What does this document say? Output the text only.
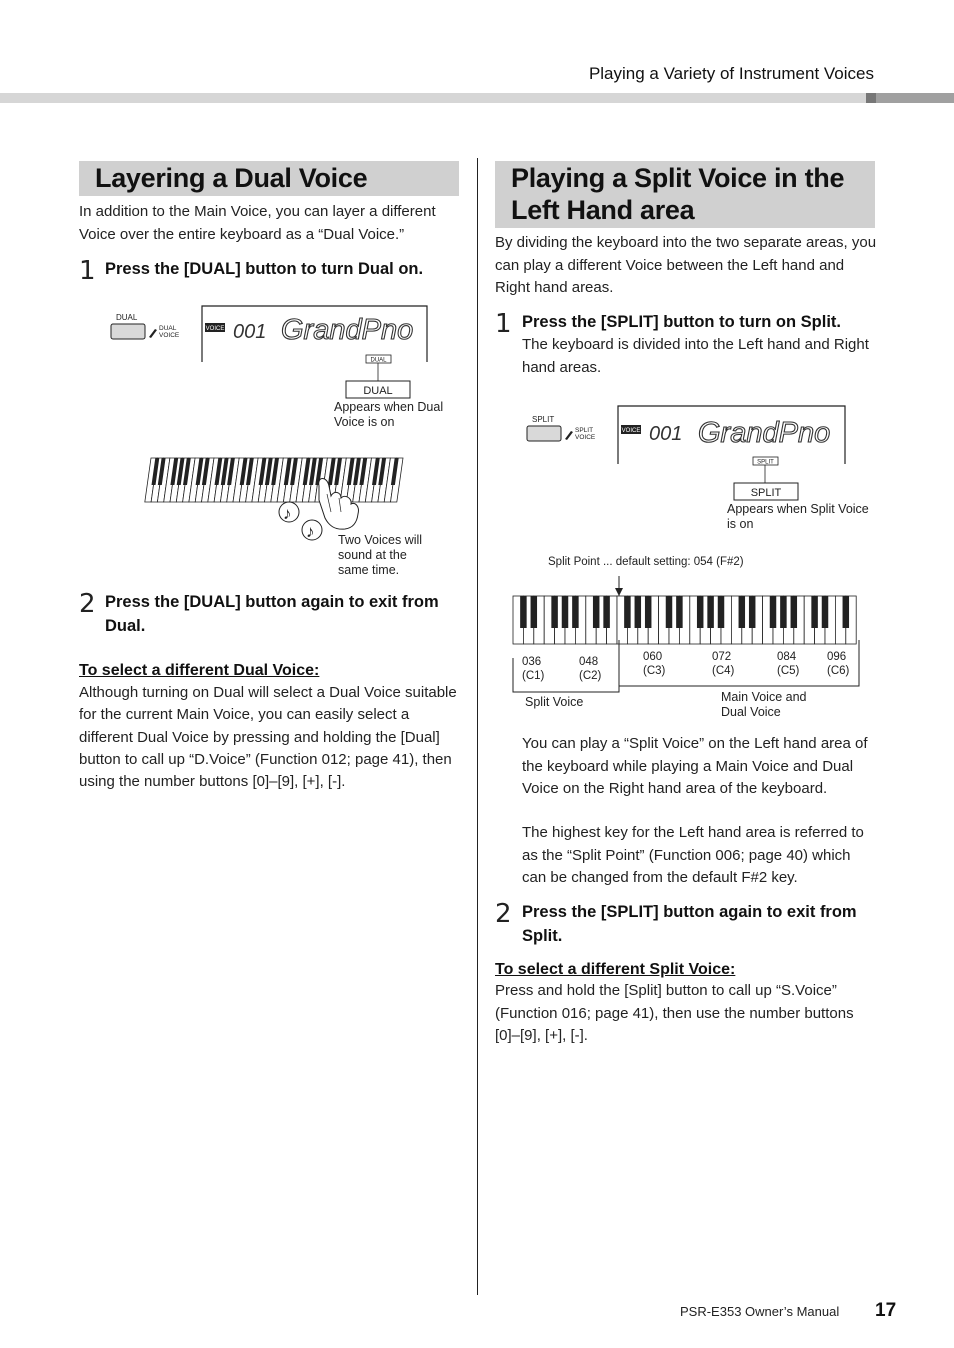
Playing a Variety of Instrument Voices
Layering a Dual Voice
In addition to the Main Voice, you can layer a different Voice over the entire keyboard as a “Dual Voice.”
1 Press the [DUAL] button to turn Dual on.
DUAL
DUAL
VOICE
VOICE 001 GrandPno
DUAL
DUAL
♪
♪
Appears when Dual Voice is on
Two Voices will sound at the same time.
2 Press the [DUAL] button again to exit from Dual.
To select a different Dual Voice:
Although turning on Dual will select a Dual Voice suitable for the current Main Voice, you can easily select a different Dual Voice by pressing and holding the [Dual] button to call up “D.Voice” (Function 012; page 41), then using the number buttons [0]–[9], [+], [-].
Playing a Split Voice in the Left Hand area
By dividing the keyboard into the two separate areas, you can play a different Voice between the Left hand and Right hand areas.
1 Press the [SPLIT] button to turn on Split.
The keyboard is divided into the Left hand and Right hand areas.
SPLIT
SPLIT
VOICE
VOICE 001 GrandPno
SPLIT
SPLIT
Appears when Split Voice is on
Split Point ... default setting: 054 (F#2)
036
(C1)
048
(C2)
060
(C3)
072
(C4)
084
(C5)
096
(C6)
Split Voice	Main Voice and Dual Voice
You can play a “Split Voice” on the Left hand area of the keyboard while playing a Main Voice and Dual Voice on the Right hand area of the keyboard.
The highest key for the Left hand area is referred to as the “Split Point” (Function 006; page 40) which can be changed from the default F#2 key.
2 Press the [SPLIT] button again to exit from Split.
To select a different Split Voice:
Press and hold the [Split] button to call up “S.Voice” (Function 016; page 41), then use the number buttons [0]–[9], [+], [-].
PSR-E353 Owner’s Manual 17
